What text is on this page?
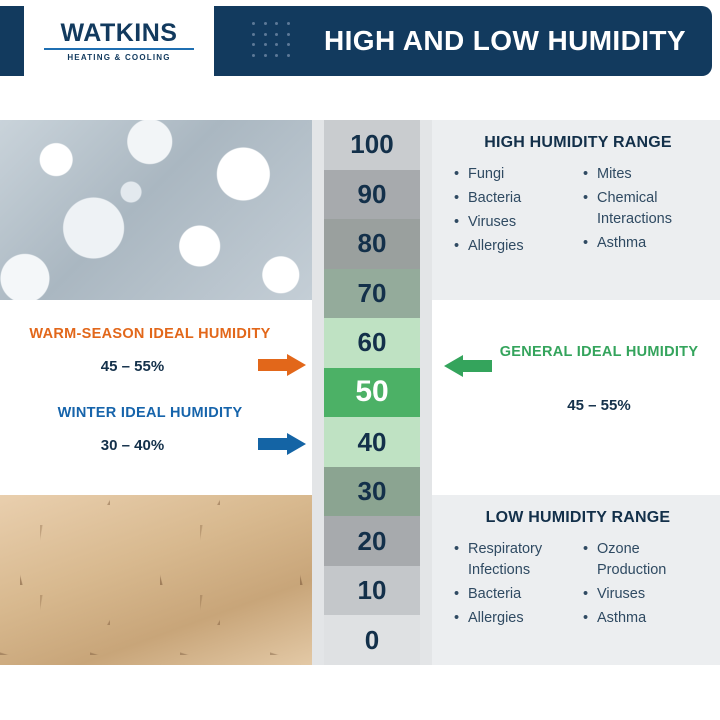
WATKINS
HEATING & COOLING
HIGH AND LOW HUMIDITY
100
90
80
70
60
50
40
30
20
10
0
HIGH HUMIDITY RANGE
• Fungi
• Bacteria
• Viruses
• Allergies
• Mites
• Chemical Interactions
• Asthma
LOW HUMIDITY RANGE
• Respiratory Infections
• Bacteria
• Allergies
• Ozone Production
• Viruses
• Asthma
WARM-SEASON IDEAL HUMIDITY
45 – 55%
WINTER IDEAL HUMIDITY
30 – 40%
GENERAL IDEAL HUMIDITY
45 – 55%
